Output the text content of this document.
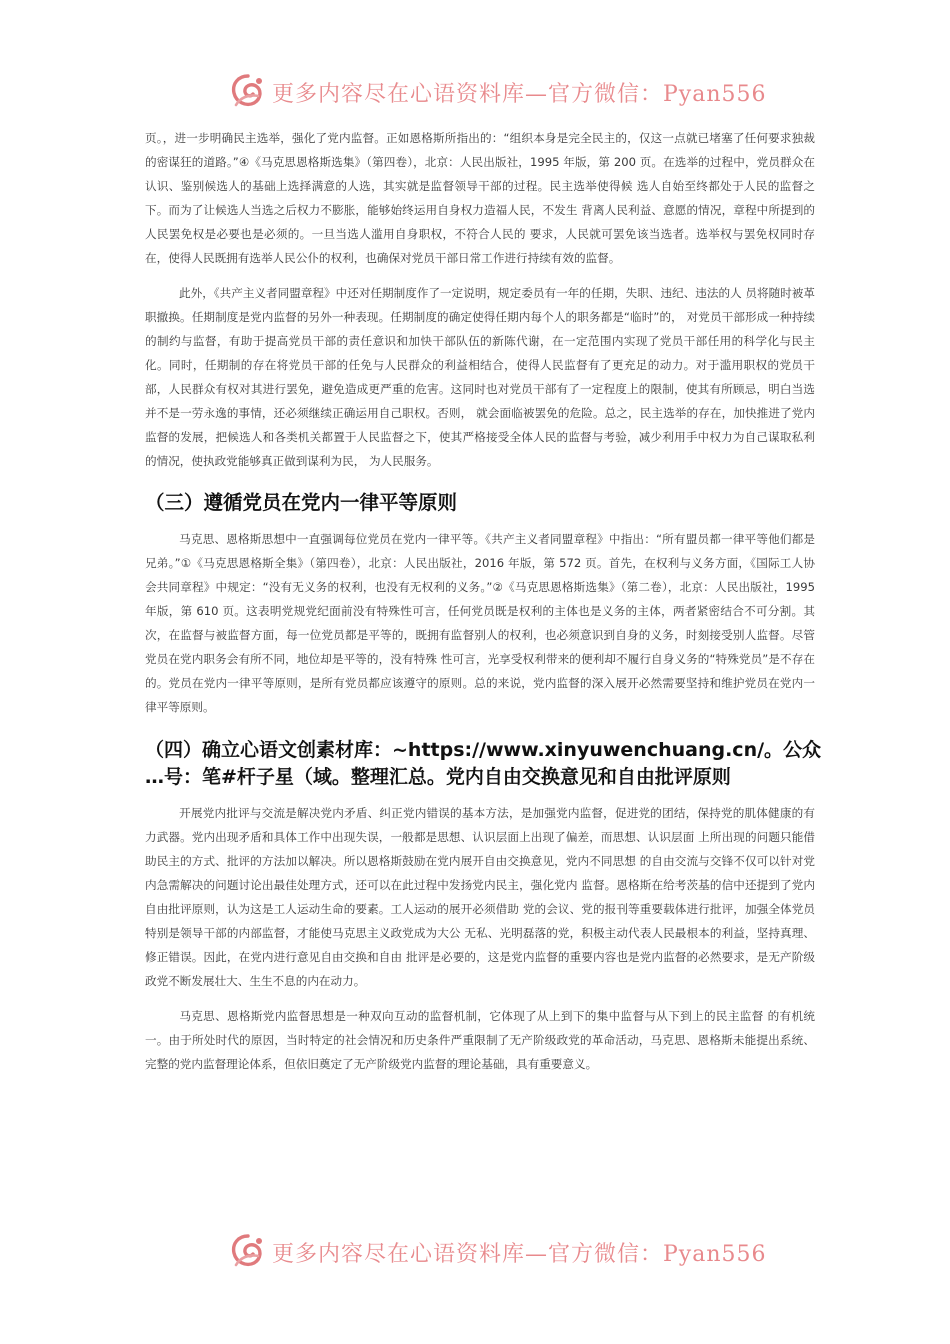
更多内容尽在心语资料库—官方微信：Pyan556

页。，进一步明确民主选举，强化了党内监督。正如恩格斯所指出的：“组织本身是完全民主的，仅这一点就已堵塞了任何要求独裁的密谋狂的道路。”④《马克思恩格斯选集》（第四卷），北京：人民出版社，1995 年版，第 200 页。在选举的过程中，党员群众在认识、鉴别候选人的基础上选择满意的人选，其实就是监督领导干部的过程。民主选举使得候 选人自始至终都处于人民的监督之下。而为了让候选人当选之后权力不膨胀，能够始终运用自身权力造福人民，不发生 背离人民利益、意愿的情况，章程中所提到的人民罢免权是必要也是必须的。一旦当选人滥用自身职权，不符合人民的 要求，人民就可罢免该当选者。选举权与罢免权同时存在，使得人民既拥有选举人民公仆的权利，也确保对党员干部日常工作进行持续有效的监督。

此外，《共产主义者同盟章程》中还对任期制度作了一定说明，规定委员有一年的任期，失职、违纪、违法的人 员将随时被革职撤换。任期制度是党内监督的另外一种表现。任期制度的确定使得任期内每个人的职务都是“临时”的， 对党员干部形成一种持续的制约与监督，有助于提高党员干部的责任意识和加快干部队伍的新陈代谢，在一定范围内实现了党员干部任用的科学化与民主化。同时，任期制的存在将党员干部的任免与人民群众的利益相结合，使得人民监督有了更充足的动力。对于滥用职权的党员干部，人民群众有权对其进行罢免，避免造成更严重的危害。这同时也对党员干部有了一定程度上的限制，使其有所顾忌，明白当选并不是一劳永逸的事情，还必须继续正确运用自己职权。否则， 就会面临被罢免的危险。总之，民主选举的存在，加快推进了党内监督的发展，把候选人和各类机关都置于人民监督之下，使其严格接受全体人民的监督与考验，减少利用手中权力为自己谋取私利的情况，使执政党能够真正做到谋利为民， 为人民服务。

（三）遵循党员在党内一律平等原则

马克思、恩格斯思想中一直强调每位党员在党内一律平等。《共产主义者同盟章程》中指出：“所有盟员都一律平等他们都是兄弟。”①《马克思恩格斯全集》（第四卷），北京：人民出版社，2016 年版，第 572 页。首先，在权利与义务方面，《国际工人协会共同章程》中规定：“没有无义务的权利，也没有无权利的义务。”②《马克思恩格斯选集》（第二卷），北京：人民出版社，1995 年版，第 610 页。这表明党规党纪面前没有特殊性可言，任何党员既是权利的主体也是义务的主体，两者紧密结合不可分割。其次，在监督与被监督方面，每一位党员都是平等的，既拥有监督别人的权利，也必须意识到自身的义务，时刻接受别人监督。尽管党员在党内职务会有所不同，地位却是平等的，没有特殊 性可言，光享受权利带来的便利却不履行自身义务的“特殊党员”是不存在的。党员在党内一律平等原则，是所有党员都应该遵守的原则。总的来说，党内监督的深入展开必然需要坚持和维护党员在党内一律平等原则。

（四）确立心语文创素材库：~https://www.xinyuwenchuang.cn/。公众
…号：笔#杆子星（域。整理汇总。党内自由交换意见和自由批评原则

开展党内批评与交流是解决党内矛盾、纠正党内错误的基本方法，是加强党内监督，促进党的团结，保持党的肌体健康的有力武器。党内出现矛盾和具体工作中出现失误，一般都是思想、认识层面上出现了偏差，而思想、认识层面 上所出现的问题只能借助民主的方式、批评的方法加以解决。所以恩格斯鼓励在党内展开自由交换意见，党内不同思想 的自由交流与交锋不仅可以针对党内急需解决的问题讨论出最佳处理方式，还可以在此过程中发扬党内民主，强化党内 监督。恩格斯在给考茨基的信中还提到了党内自由批评原则，认为这是工人运动生命的要素。工人运动的展开必须借助 党的会议、党的报刊等重要载体进行批评，加强全体党员特别是领导干部的内部监督，才能使马克思主义政党成为大公 无私、光明磊落的党，积极主动代表人民最根本的利益，坚持真理、修正错误。因此，在党内进行意见自由交换和自由 批评是必要的，这是党内监督的重要内容也是党内监督的必然要求，是无产阶级政党不断发展壮大、生生不息的内在动力。

马克思、恩格斯党内监督思想是一种双向互动的监督机制，它体现了从上到下的集中监督与从下到上的民主监督 的有机统一。由于所处时代的原因，当时特定的社会情况和历史条件严重限制了无产阶级政党的革命活动，马克思、恩格斯未能提出系统、完整的党内监督理论体系，但依旧奠定了无产阶级党内监督的理论基础，具有重要意义。

更多内容尽在心语资料库—官方微信：Pyan556
